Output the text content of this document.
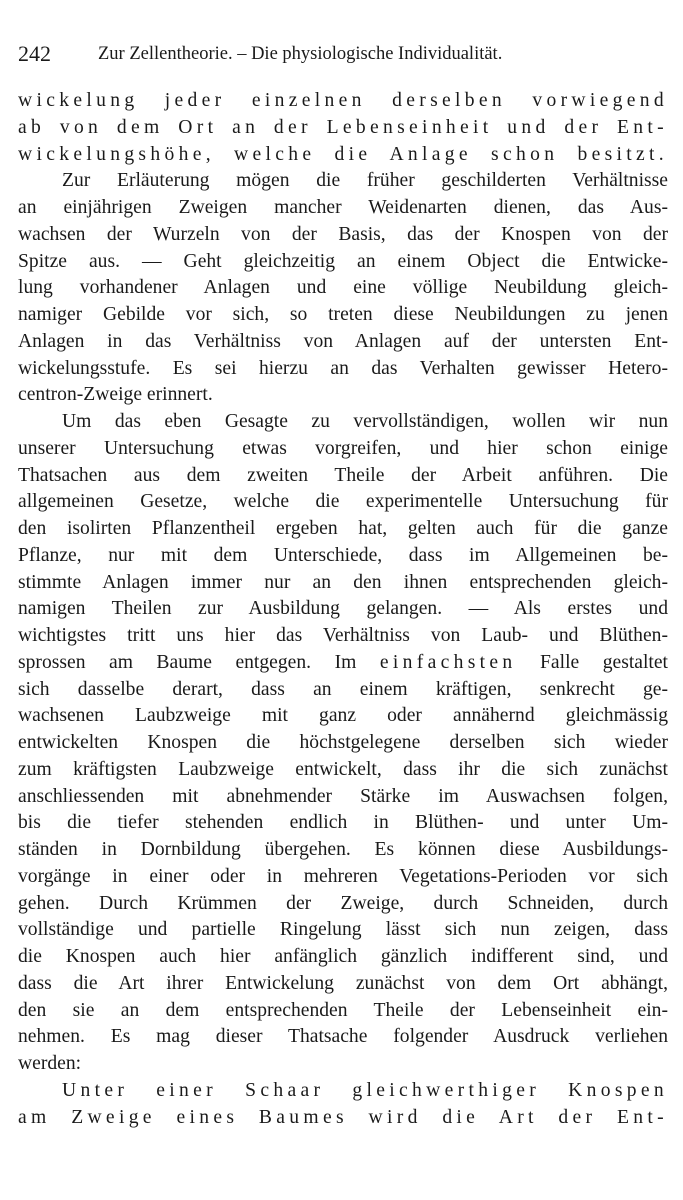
242	Zur Zellentheorie. – Die physiologische Individualität.
wickelung jeder einzelnen derselben vorwiegend
ab von dem Ort an der Lebenseinheit und der Ent-
wickelungshöhe, welche die Anlage schon besitzt.
Zur Erläuterung mögen die früher geschilderten Verhältnisse
an einjährigen Zweigen mancher Weidenarten dienen, das Aus-
wachsen der Wurzeln von der Basis, das der Knospen von der
Spitze aus. — Geht gleichzeitig an einem Object die Entwicke-
lung vorhandener Anlagen und eine völlige Neubildung gleich-
namiger Gebilde vor sich, so treten diese Neubildungen zu jenen
Anlagen in das Verhältniss von Anlagen auf der untersten Ent-
wickelungsstufe. Es sei hierzu an das Verhalten gewisser Hetero-
centron-Zweige erinnert.
Um das eben Gesagte zu vervollständigen, wollen wir nun
unserer Untersuchung etwas vorgreifen, und hier schon einige
Thatsachen aus dem zweiten Theile der Arbeit anführen. Die
allgemeinen Gesetze, welche die experimentelle Untersuchung für
den isolirten Pflanzentheil ergeben hat, gelten auch für die ganze
Pflanze, nur mit dem Unterschiede, dass im Allgemeinen be-
stimmte Anlagen immer nur an den ihnen entsprechenden gleich-
namigen Theilen zur Ausbildung gelangen. — Als erstes und
wichtigstes tritt uns hier das Verhältniss von Laub- und Blüthen-
sprossen am Baume entgegen. Im einfachsten Falle gestaltet
sich dasselbe derart, dass an einem kräftigen, senkrecht ge-
wachsenen Laubzweige mit ganz oder annähernd gleichmässig
entwickelten Knospen die höchstgelegene derselben sich wieder
zum kräftigsten Laubzweige entwickelt, dass ihr die sich zunächst
anschliessenden mit abnehmender Stärke im Auswachsen folgen,
bis die tiefer stehenden endlich in Blüthen- und unter Um-
ständen in Dornbildung übergehen. Es können diese Ausbildungs-
vorgänge in einer oder in mehreren Vegetations-Perioden vor sich
gehen. Durch Krümmen der Zweige, durch Schneiden, durch
vollständige und partielle Ringelung lässt sich nun zeigen, dass
die Knospen auch hier anfänglich gänzlich indifferent sind, und
dass die Art ihrer Entwickelung zunächst von dem Ort abhängt,
den sie an dem entsprechenden Theile der Lebenseinheit ein-
nehmen. Es mag dieser Thatsache folgender Ausdruck verliehen
werden:
Unter einer Schaar gleichwerthiger Knospen
am Zweige eines Baumes wird die Art der Ent-
